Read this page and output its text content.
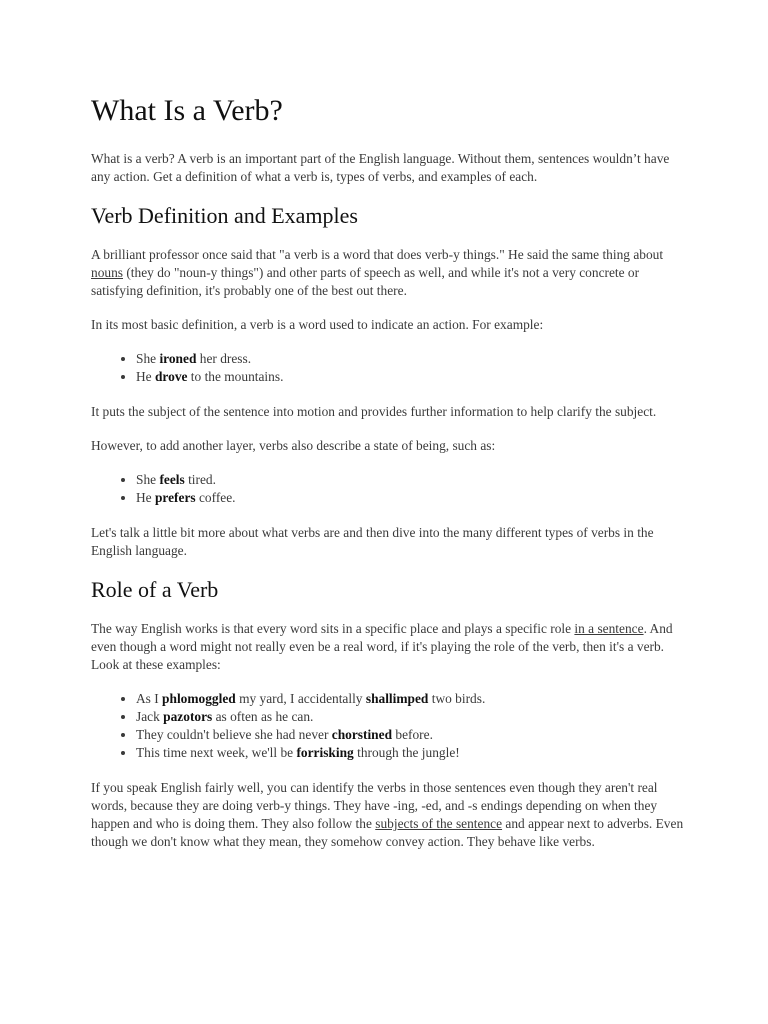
What Is a Verb?

What is a verb? A verb is an important part of the English language. Without them, sentences wouldn’t have any action. Get a definition of what a verb is, types of verbs, and examples of each.

Verb Definition and Examples

A brilliant professor once said that "a verb is a word that does verb-y things." He said the same thing about nouns (they do "noun-y things") and other parts of speech as well, and while it's not a very concrete or satisfying definition, it's probably one of the best out there.

In its most basic definition, a verb is a word used to indicate an action. For example:

• She ironed her dress.
• He drove to the mountains.

It puts the subject of the sentence into motion and provides further information to help clarify the subject.

However, to add another layer, verbs also describe a state of being, such as:

• She feels tired.
• He prefers coffee.

Let's talk a little bit more about what verbs are and then dive into the many different types of verbs in the English language.

Role of a Verb

The way English works is that every word sits in a specific place and plays a specific role in a sentence. And even though a word might not really even be a real word, if it's playing the role of the verb, then it's a verb. Look at these examples:

• As I phlomoggled my yard, I accidentally shallimped two birds.
• Jack pazotors as often as he can.
• They couldn't believe she had never chorstined before.
• This time next week, we'll be forrisking through the jungle!

If you speak English fairly well, you can identify the verbs in those sentences even though they aren't real words, because they are doing verb-y things. They have -ing, -ed, and -s endings depending on when they happen and who is doing them. They also follow the subjects of the sentence and appear next to adverbs. Even though we don't know what they mean, they somehow convey action. They behave like verbs.
